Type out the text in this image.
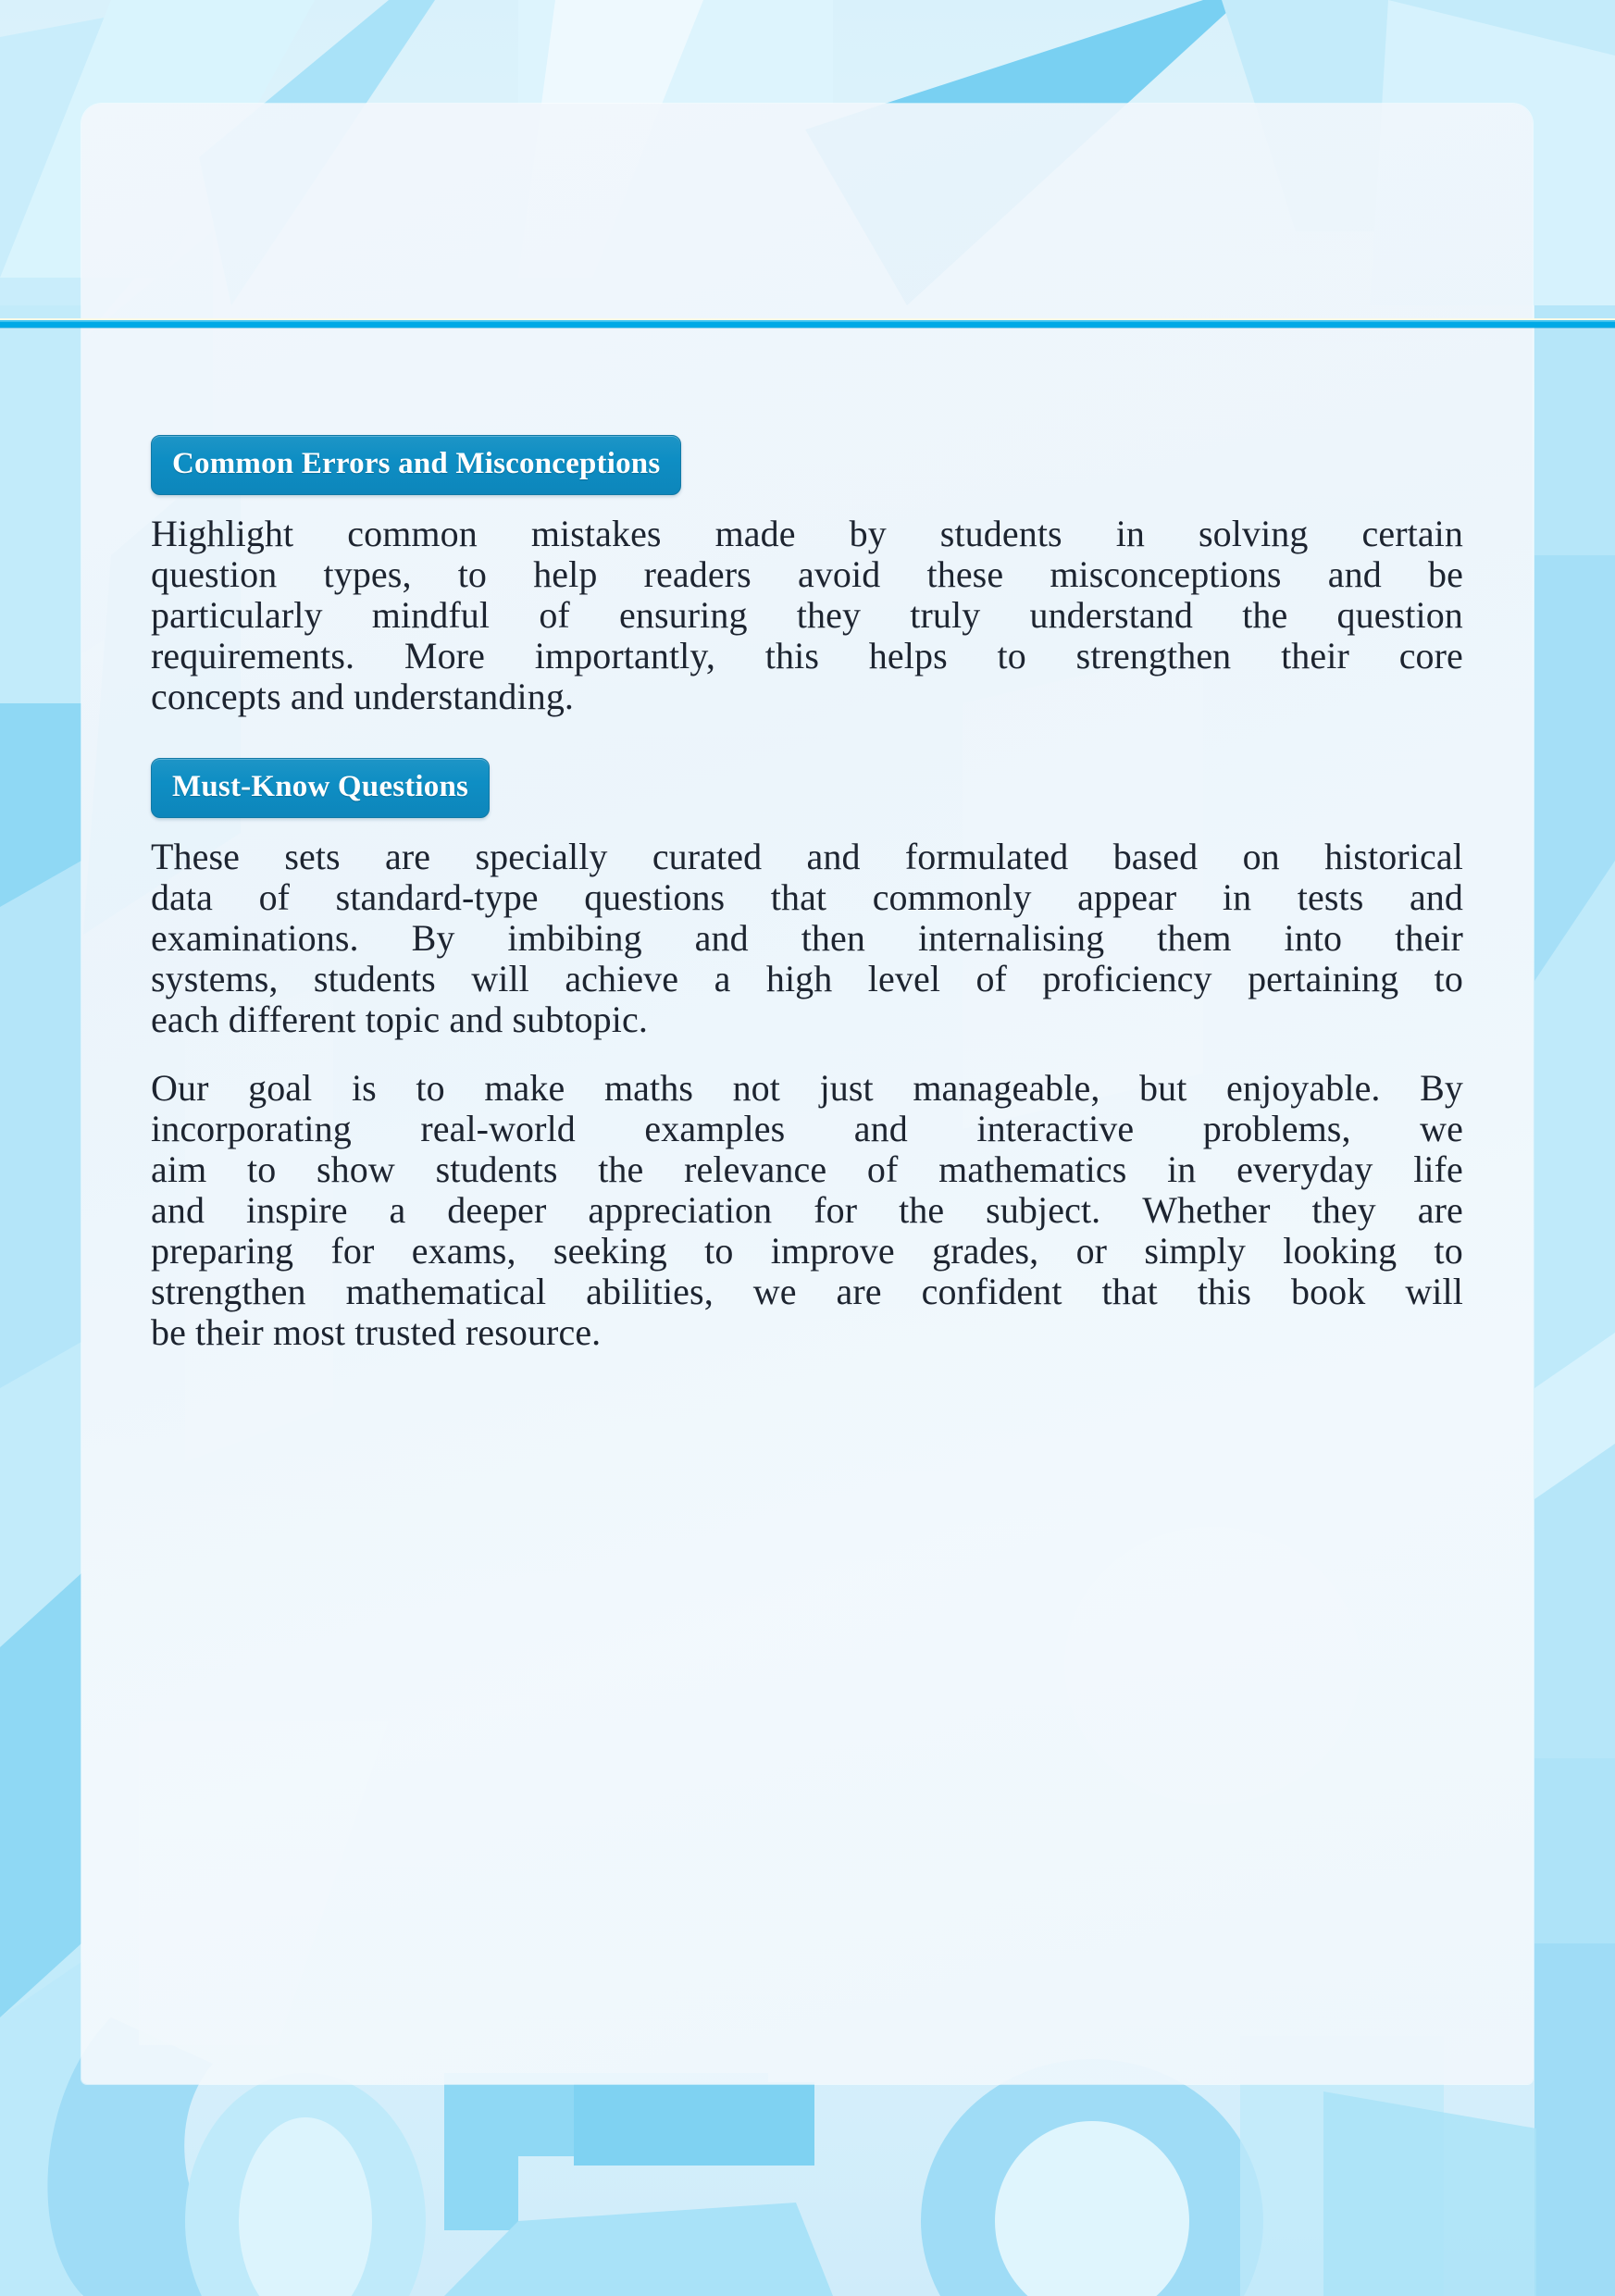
Common Errors and Misconceptions
Highlight common mistakes made by students in solving certain
question types, to help readers avoid these misconceptions and be
particularly mindful of ensuring they truly understand the question
requirements. More importantly, this helps to strengthen their core
concepts and understanding.
Must-Know Questions
These sets are specially curated and formulated based on historical
data of standard-type questions that commonly appear in tests and
examinations. By imbibing and then internalising them into their
systems, students will achieve a high level of proficiency pertaining to
each different topic and subtopic.
Our goal is to make maths not just manageable, but enjoyable. By
incorporating real-world examples and interactive problems, we
aim to show students the relevance of mathematics in everyday life
and inspire a deeper appreciation for the subject. Whether they are
preparing for exams, seeking to improve grades, or simply looking to
strengthen mathematical abilities, we are confident that this book will
be their most trusted resource.
